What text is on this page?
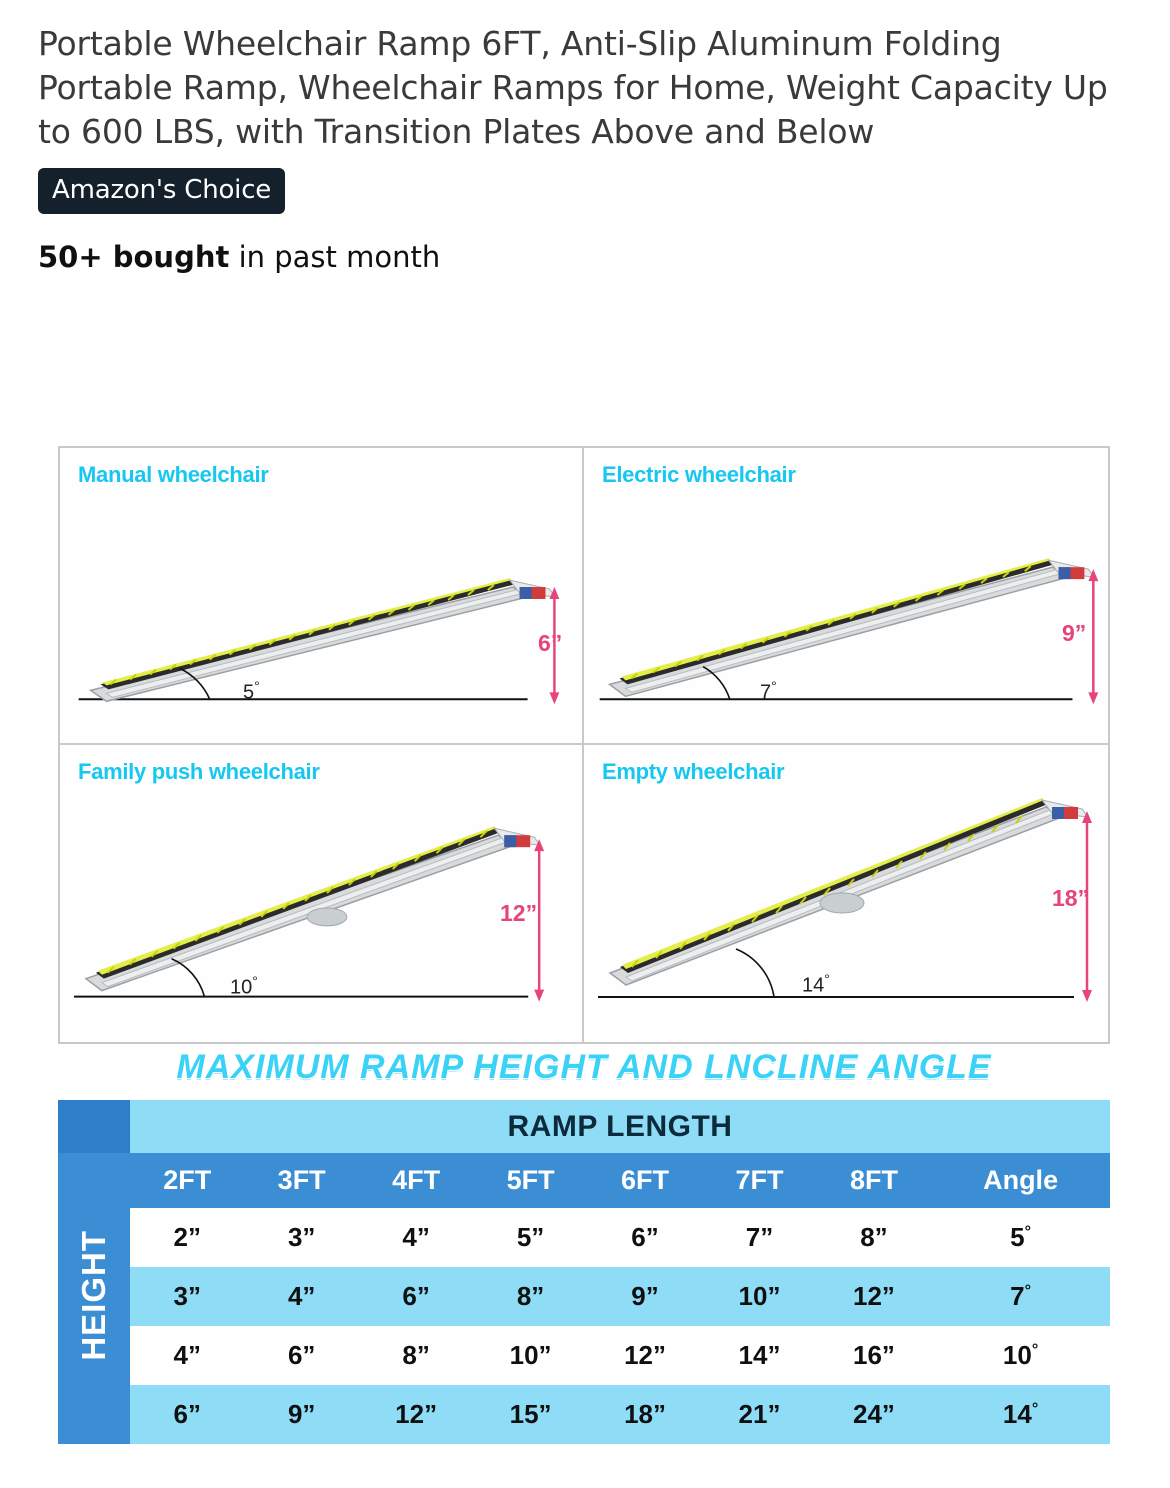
Portable Wheelchair Ramp 6FT, Anti-Slip Aluminum Folding Portable Ramp, Wheelchair Ramps for Home, Weight Capacity Up to 600 LBS, with Transition Plates Above and Below
Amazon's Choice
50+ bought in past month
Manual wheelchair
5°
6”
Electric wheelchair
7°
9”
Family push wheelchair
10°
12”
Empty wheelchair
14°
18”
MAXIMUM RAMP HEIGHT AND LNCLINE ANGLE
	RAMP LENGTH							
HEIGHT	2FT	3FT	4FT	5FT	6FT	7FT	8FT	Angle
	2”	3”	4”	5”	6”	7”	8”	5°
	3”	4”	6”	8”	9”	10”	12”	7°
	4”	6”	8”	10”	12”	14”	16”	10°
	6”	9”	12”	15”	18”	21”	24”	14°
